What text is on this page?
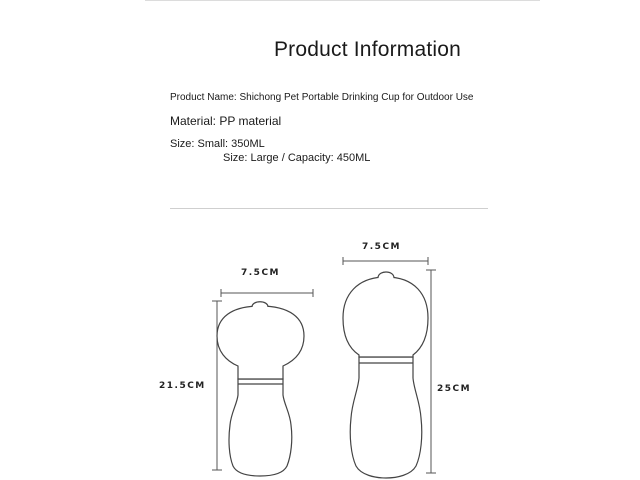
Product Information
Product Name: Shichong Pet Portable Drinking Cup for Outdoor Use
Material: PP material
Size: Small: 350ML
Size: Large / Capacity: 450ML
7.5CM
7.5CM
21.5CM	25CM
